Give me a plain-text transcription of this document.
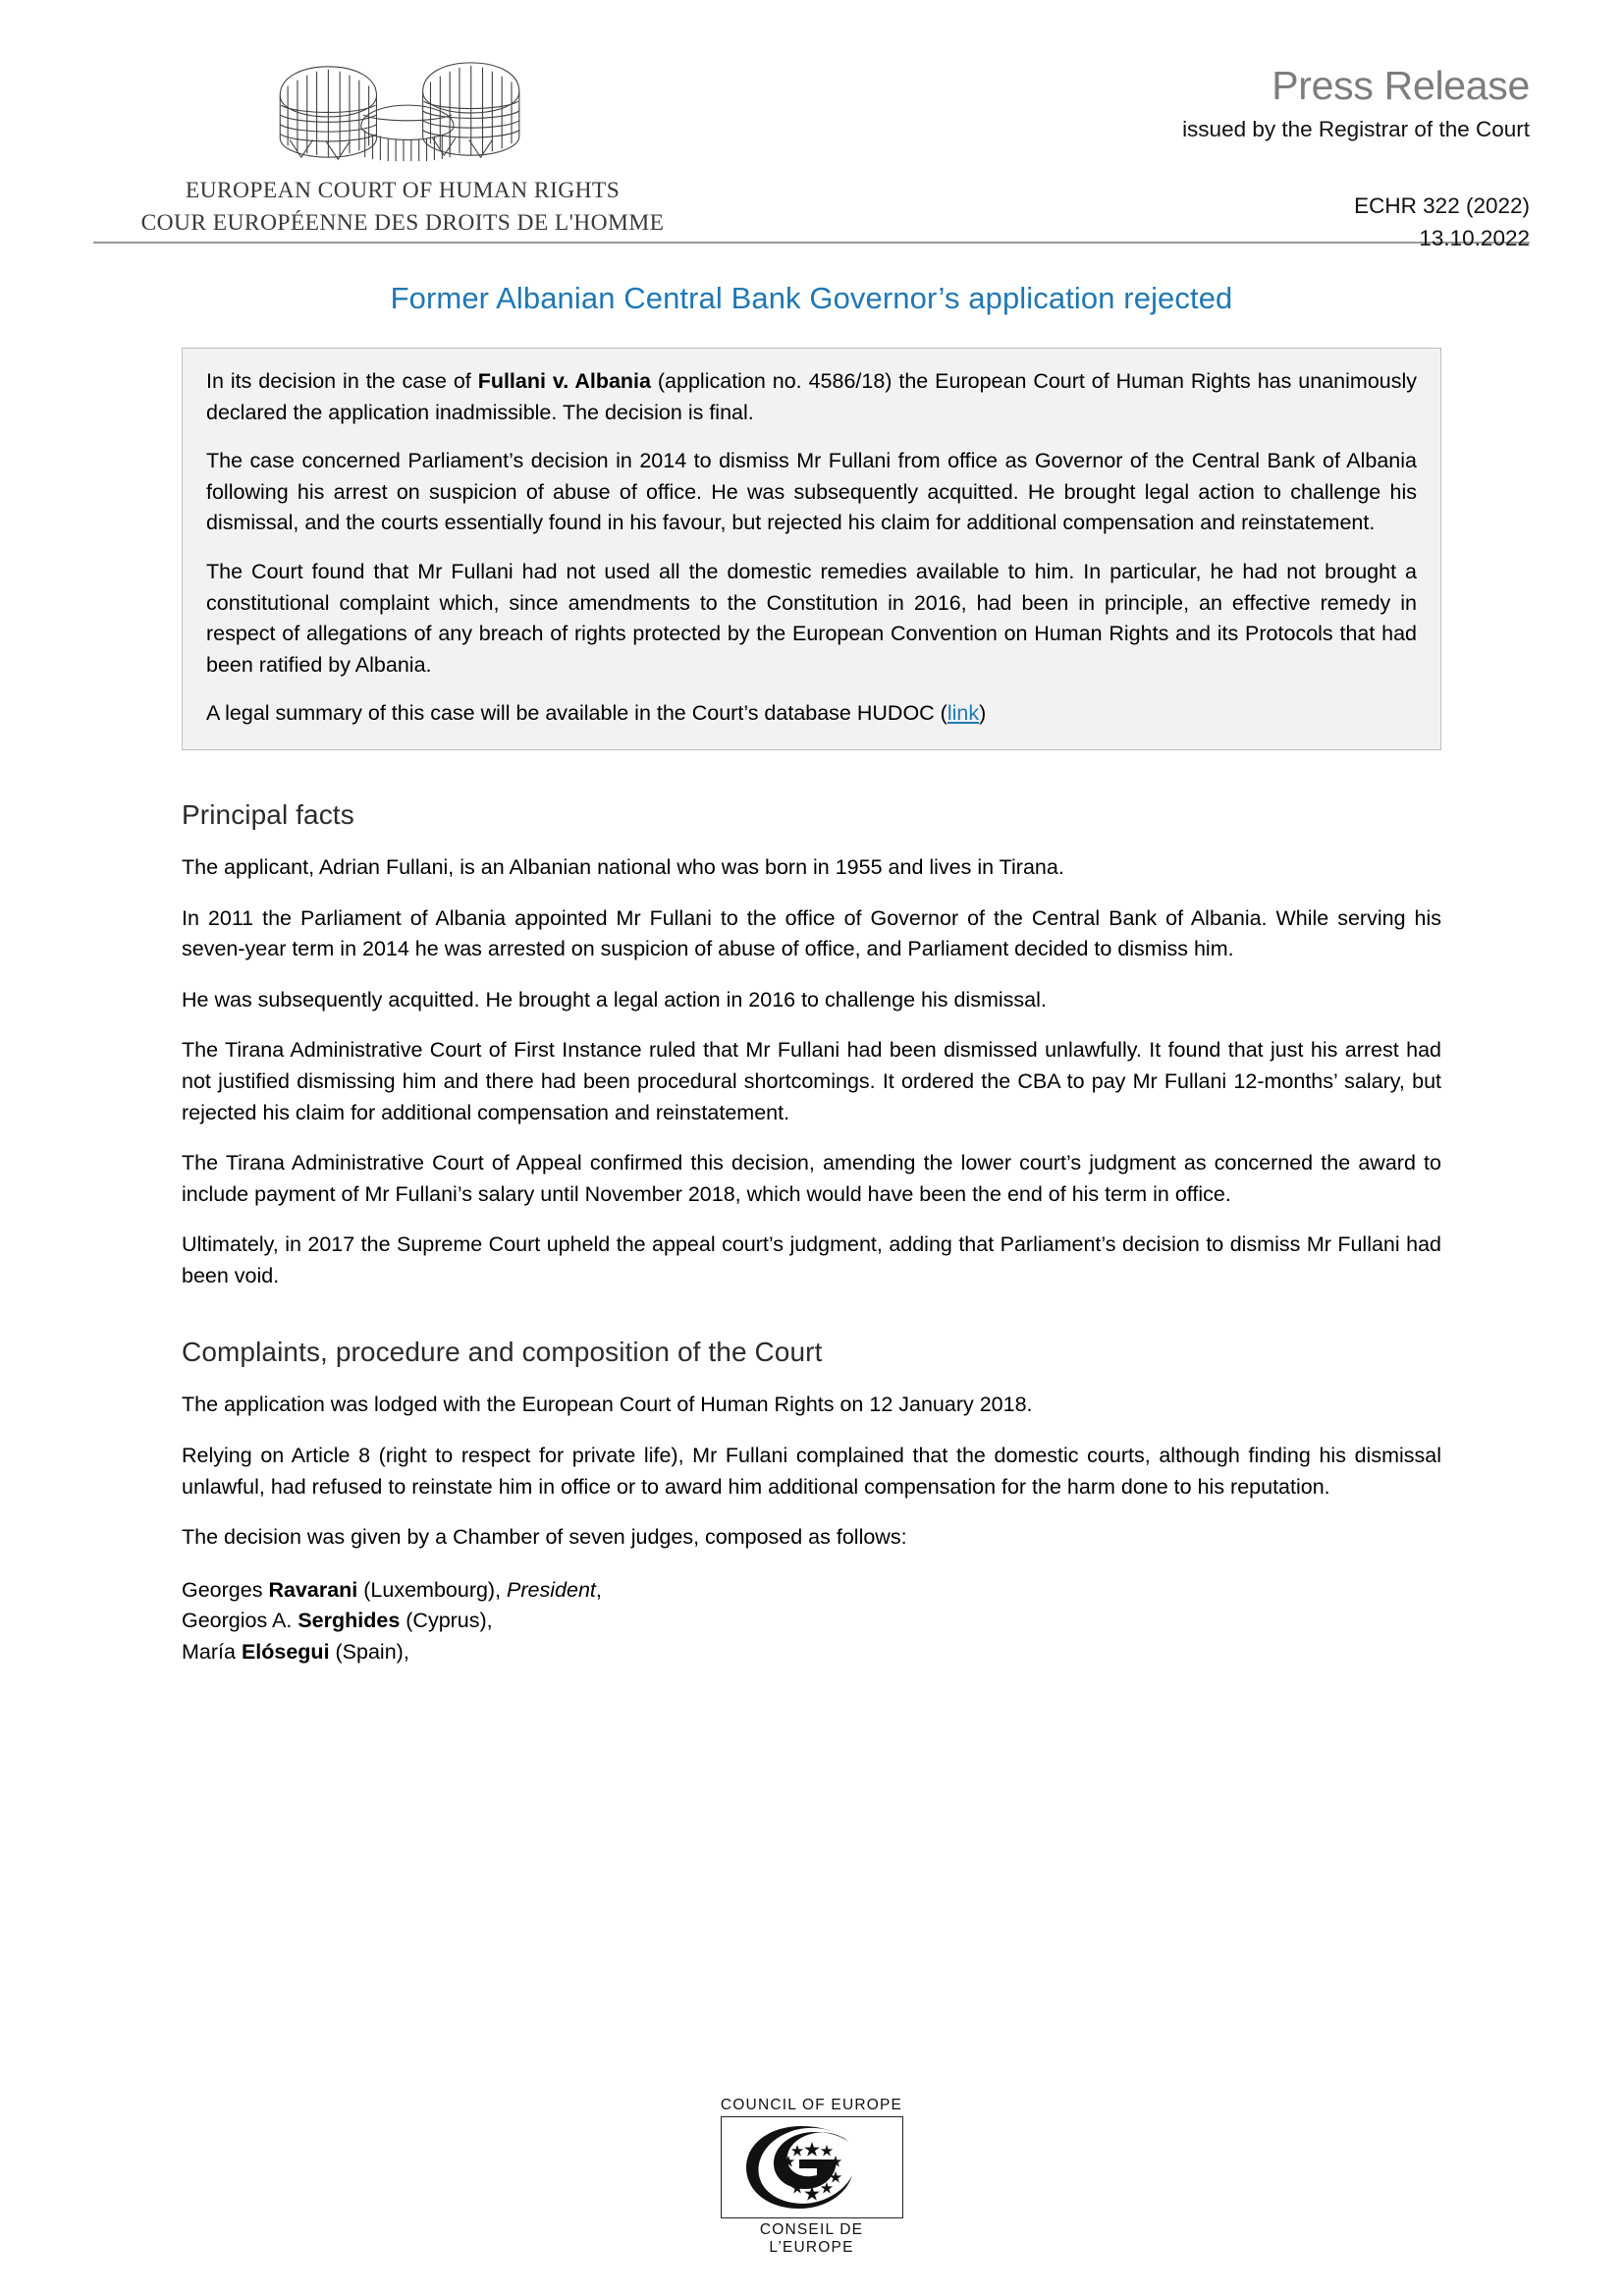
EUROPEAN COURT OF HUMAN RIGHTS
COUR EUROPÉENNE DES DROITS DE L'HOMME
Press Release
issued by the Registrar of the Court
ECHR 322 (2022)
13.10.2022
Former Albanian Central Bank Governor’s application rejected

In its decision in the case of Fullani v. Albania (application no. 4586/18) the European Court of Human Rights has unanimously declared the application inadmissible. The decision is final.

The case concerned Parliament’s decision in 2014 to dismiss Mr Fullani from office as Governor of the Central Bank of Albania following his arrest on suspicion of abuse of office. He was subsequently acquitted. He brought legal action to challenge his dismissal, and the courts essentially found in his favour, but rejected his claim for additional compensation and reinstatement.

The Court found that Mr Fullani had not used all the domestic remedies available to him. In particular, he had not brought a constitutional complaint which, since amendments to the Constitution in 2016, had been in principle, an effective remedy in respect of allegations of any breach of rights protected by the European Convention on Human Rights and its Protocols that had been ratified by Albania.

A legal summary of this case will be available in the Court’s database HUDOC (link)

Principal facts

The applicant, Adrian Fullani, is an Albanian national who was born in 1955 and lives in Tirana.

In 2011 the Parliament of Albania appointed Mr Fullani to the office of Governor of the Central Bank of Albania. While serving his seven-year term in 2014 he was arrested on suspicion of abuse of office, and Parliament decided to dismiss him.

He was subsequently acquitted. He brought a legal action in 2016 to challenge his dismissal.

The Tirana Administrative Court of First Instance ruled that Mr Fullani had been dismissed unlawfully. It found that just his arrest had not justified dismissing him and there had been procedural shortcomings. It ordered the CBA to pay Mr Fullani 12-months’ salary, but rejected his claim for additional compensation and reinstatement.

The Tirana Administrative Court of Appeal confirmed this decision, amending the lower court’s judgment as concerned the award to include payment of Mr Fullani’s salary until November 2018, which would have been the end of his term in office.

Ultimately, in 2017 the Supreme Court upheld the appeal court’s judgment, adding that Parliament’s decision to dismiss Mr Fullani had been void.

Complaints, procedure and composition of the Court

The application was lodged with the European Court of Human Rights on 12 January 2018.

Relying on Article 8 (right to respect for private life), Mr Fullani complained that the domestic courts, although finding his dismissal unlawful, had refused to reinstate him in office or to award him additional compensation for the harm done to his reputation.

The decision was given by a Chamber of seven judges, composed as follows:

Georges Ravarani (Luxembourg), President,
Georgios A. Serghides (Cyprus),
María Elósegui (Spain),
COUNCIL OF EUROPE
CONSEIL DE L’EUROPE
